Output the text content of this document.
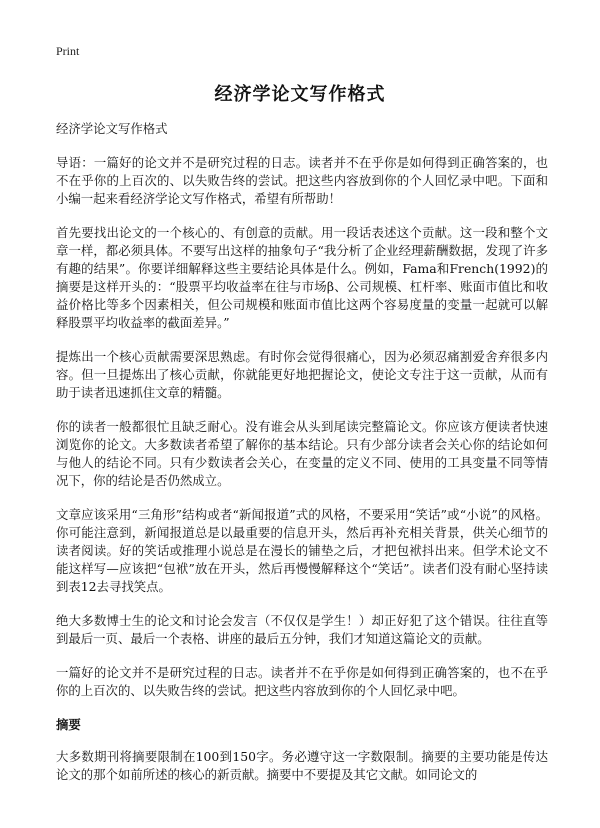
Print
经济学论文写作格式

经济学论文写作格式

导语：一篇好的论文并不是研究过程的日志。读者并不在乎你是如何得到正确答案的，也不在乎你的上百次的、以失败告终的尝试。把这些内容放到你的个人回忆录中吧。下面和小编一起来看经济学论文写作格式，希望有所帮助！

首先要找出论文的一个核心的、有创意的贡献。用一段话表述这个贡献。这一段和整个文章一样，都必须具体。不要写出这样的抽象句子“我分析了企业经理薪酬数据，发现了许多有趣的结果”。你要详细解释这些主要结论具体是什么。例如，Fama和French(1992)的摘要是这样开头的：“股票平均收益率在往与市场β、公司规模、杠杆率、账面市值比和收益价格比等多个因素相关，但公司规模和账面市值比这两个容易度量的变量一起就可以解释股票平均收益率的截面差异。”

提炼出一个核心贡献需要深思熟虑。有时你会觉得很痛心，因为必须忍痛割爱舍弃很多内容。但一旦提炼出了核心贡献，你就能更好地把握论文，使论文专注于这一贡献，从而有助于读者迅速抓住文章的精髓。

你的读者一般都很忙且缺乏耐心。没有谁会从头到尾读完整篇论文。你应该方便读者快速浏览你的论文。大多数读者希望了解你的基本结论。只有少部分读者会关心你的结论如何与他人的结论不同。只有少数读者会关心，在变量的定义不同、使用的工具变量不同等情况下，你的结论是否仍然成立。

文章应该采用“三角形”结构或者“新闻报道”式的风格，不要采用“笑话”或“小说”的风格。你可能注意到，新闻报道总是以最重要的信息开头，然后再补充相关背景，供关心细节的读者阅读。好的笑话或推理小说总是在漫长的铺垫之后，才把包袱抖出来。但学术论文不能这样写—应该把“包袱”放在开头，然后再慢慢解释这个“笑话”。读者们没有耐心坚持读到表12去寻找笑点。

绝大多数博士生的论文和讨论会发言（不仅仅是学生！）却正好犯了这个错误。往往直等到最后一页、最后一个表格、讲座的最后五分钟，我们才知道这篇论文的贡献。

一篇好的论文并不是研究过程的日志。读者并不在乎你是如何得到正确答案的，也不在乎你的上百次的、以失败告终的尝试。把这些内容放到你的个人回忆录中吧。

摘要

大多数期刊将摘要限制在100到150字。务必遵守这一字数限制。摘要的主要功能是传达论文的那个如前所述的核心的新贡献。摘要中不要提及其它文献。如同论文的
